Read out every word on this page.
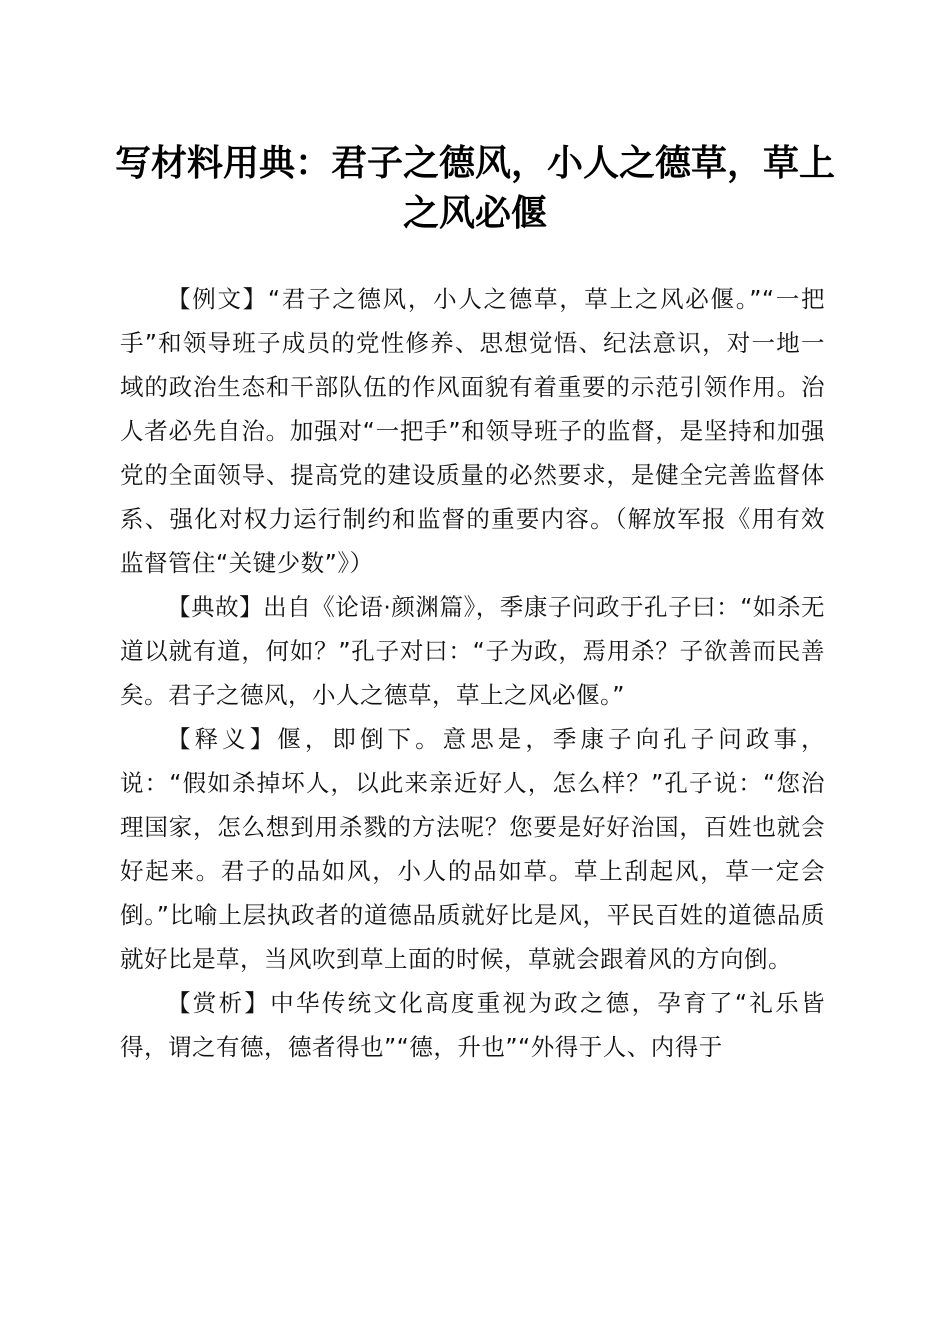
写材料用典：君子之德风，小人之德草，草上之风必偃

【例文】“君子之德风，小人之德草，草上之风必偃。”“一把手”和领导班子成员的党性修养、思想觉悟、纪法意识，对一地一域的政治生态和干部队伍的作风面貌有着重要的示范引领作用。治人者必先自治。加强对“一把手”和领导班子的监督，是坚持和加强党的全面领导、提高党的建设质量的必然要求，是健全完善监督体系、强化对权力运行制约和监督的重要内容。（解放军报《用有效监督管住“关键少数”》）

【典故】出自《论语·颜渊篇》，季康子问政于孔子曰：“如杀无道以就有道，何如？”孔子对曰：“子为政，焉用杀？子欲善而民善矣。君子之德风，小人之德草，草上之风必偃。”

【释义】偃，即倒下。意思是，季康子向孔子问政事，说：“假如杀掉坏人，以此来亲近好人，怎么样？”孔子说：“您治理国家，怎么想到用杀戮的方法呢？您要是好好治国，百姓也就会好起来。君子的品如风，小人的品如草。草上刮起风，草一定会倒。”比喻上层执政者的道德品质就好比是风，平民百姓的道德品质就好比是草，当风吹到草上面的时候，草就会跟着风的方向倒。

【赏析】中华传统文化高度重视为政之德，孕育了“礼乐皆得，谓之有德，德者得也”“德，升也”“外得于人、内得于
